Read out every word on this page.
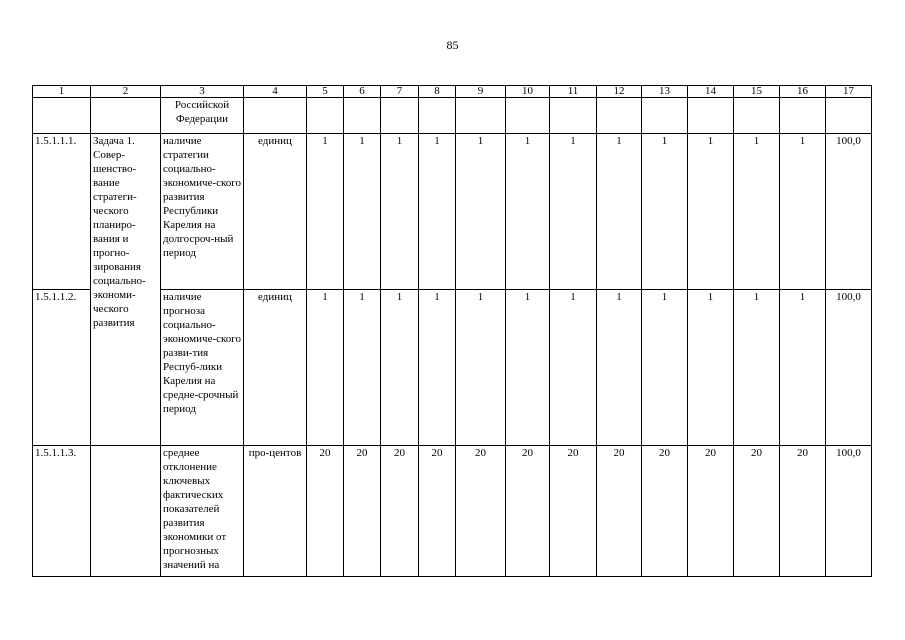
85
1	2	3	4	5	6	7	8	9	10	11	12	13	14	15	16	17
		Российской Федерации														
1.5.1.1.1.	Задача 1. Совер-шенство-вание стратеги-ческого планиро-вания и прогно-зирования социально-экономи-ческого развития	наличие стратегии социально-экономиче-ского развития Республики Карелия на долгосроч-ный период	единиц	1	1	1	1	1	1	1	1	1	1	1	1	100,0
1.5.1.1.2.		наличие прогноза социально-экономиче-ского разви-тия Респуб-лики Карелия на средне-срочный период	единиц	1	1	1	1	1	1	1	1	1	1	1	1	100,0
1.5.1.1.3.		среднее отклонение ключевых фактических показателей развития экономики от прогнозных значений на	про-центов	20	20	20	20	20	20	20	20	20	20	20	20	100,0
